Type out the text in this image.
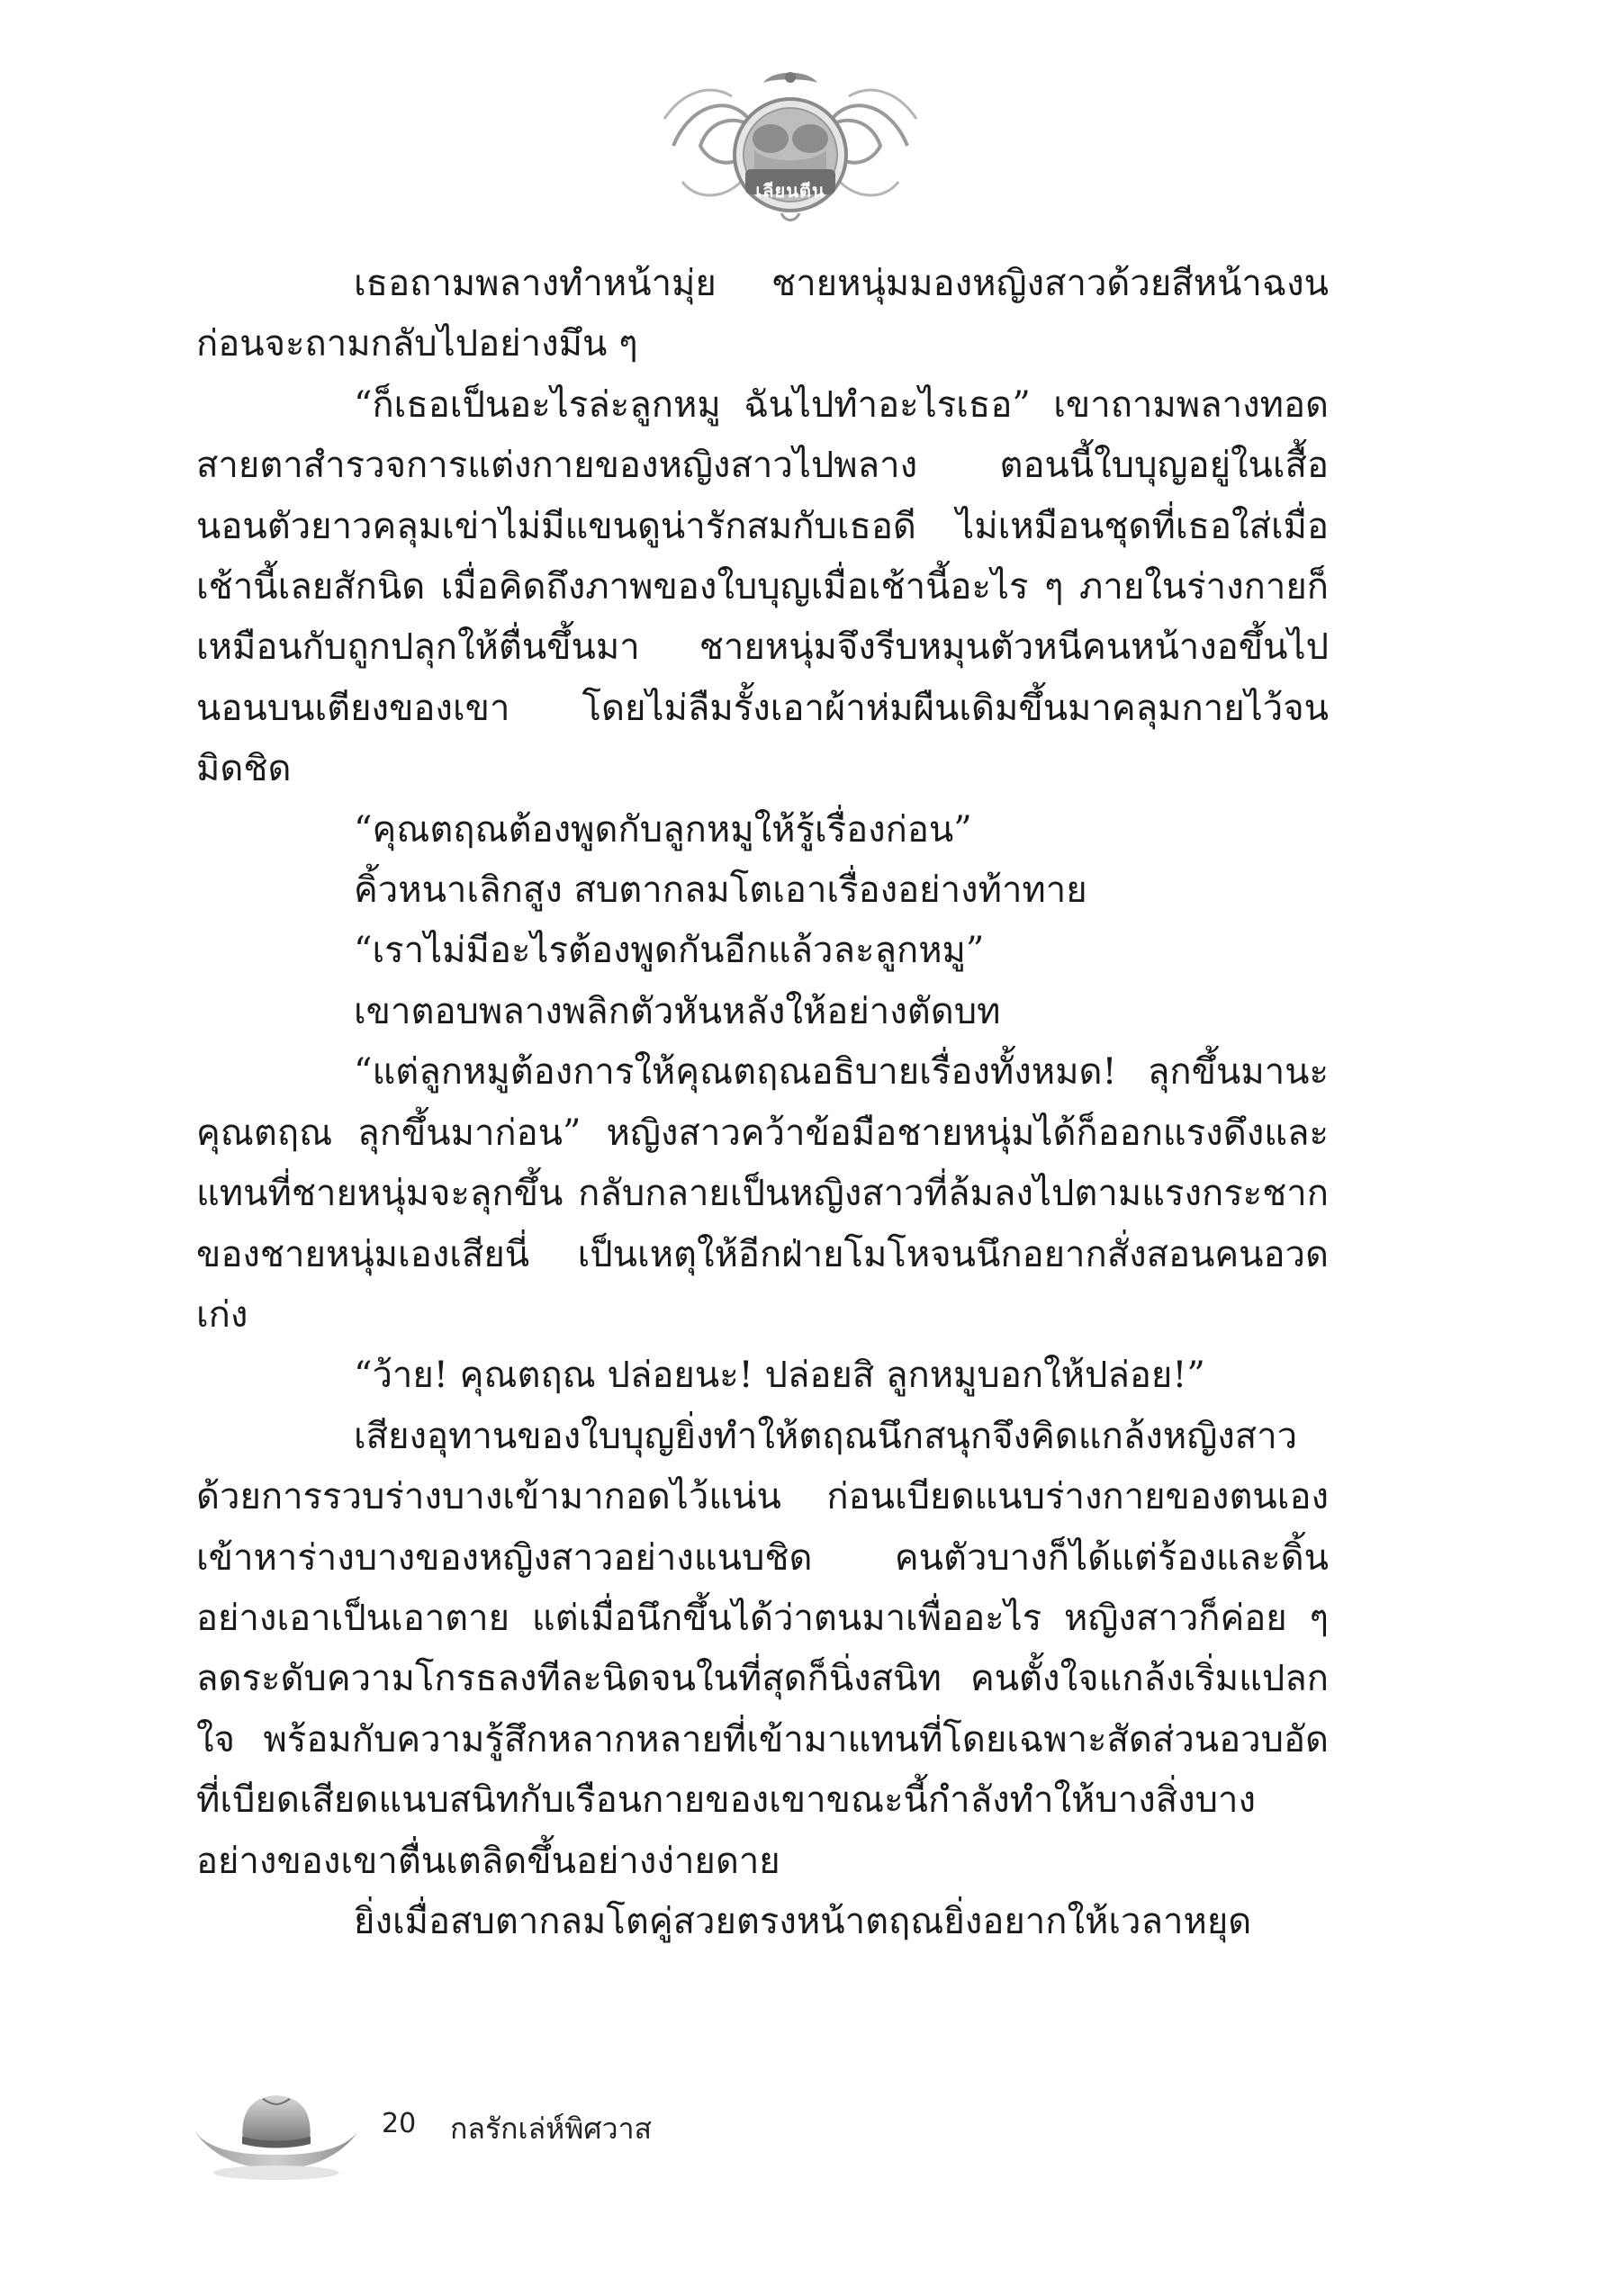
เลียนตีน

เธอถามพลางทำหน้ามุ่ย ชายหนุ่มมองหญิงสาวด้วยสีหน้าฉงน ก่อนจะถามกลับไปอย่างมึน ๆ

“ก็เธอเป็นอะไรล่ะลูกหมู ฉันไปทำอะไรเธอ” เขาถามพลางทอดสายตาสำรวจการแต่งกายของหญิงสาวไปพลาง ตอนนี้ใบบุญอยู่ในเสื้อนอนตัวยาวคลุมเข่าไม่มีแขนดูน่ารักสมกับเธอดี ไม่เหมือนชุดที่เธอใส่เมื่อเช้านี้เลยสักนิด เมื่อคิดถึงภาพของใบบุญเมื่อเช้านี้อะไร ๆ ภายในร่างกายก็เหมือนกับถูกปลุกให้ตื่นขึ้นมา ชายหนุ่มจึงรีบหมุนตัวหนีคนหน้างอขึ้นไปนอนบนเตียงของเขา โดยไม่ลืมรั้งเอาผ้าห่มผืนเดิมขึ้นมาคลุมกายไว้จนมิดชิด

“คุณตฤณต้องพูดกับลูกหมูให้รู้เรื่องก่อน”

คิ้วหนาเลิกสูง สบตากลมโตเอาเรื่องอย่างท้าทาย

“เราไม่มีอะไรต้องพูดกันอีกแล้วละลูกหมู”

เขาตอบพลางพลิกตัวหันหลังให้อย่างตัดบท

“แต่ลูกหมูต้องการให้คุณตฤณอธิบายเรื่องทั้งหมด! ลุกขึ้นมานะคุณตฤณ ลุกขึ้นมาก่อน” หญิงสาวคว้าข้อมือชายหนุ่มได้ก็ออกแรงดึงและแทนที่ชายหนุ่มจะลุกขึ้น กลับกลายเป็นหญิงสาวที่ล้มลงไปตามแรงกระชากของชายหนุ่มเองเสียนี่ เป็นเหตุให้อีกฝ่ายโมโหจนนึกอยากสั่งสอนคนอวดเก่ง

“ว้าย! คุณตฤณ ปล่อยนะ! ปล่อยสิ ลูกหมูบอกให้ปล่อย!”

เสียงอุทานของใบบุญยิ่งทำให้ตฤณนึกสนุกจึงคิดแกล้งหญิงสาวด้วยการรวบร่างบางเข้ามากอดไว้แน่น ก่อนเบียดแนบร่างกายของตนเองเข้าหาร่างบางของหญิงสาวอย่างแนบชิด คนตัวบางก็ได้แต่ร้องและดิ้นอย่างเอาเป็นเอาตาย แต่เมื่อนึกขึ้นได้ว่าตนมาเพื่ออะไร หญิงสาวก็ค่อย ๆ ลดระดับความโกรธลงทีละนิดจนในที่สุดก็นิ่งสนิท คนตั้งใจแกล้งเริ่มแปลกใจ พร้อมกับความรู้สึกหลากหลายที่เข้ามาแทนที่โดยเฉพาะสัดส่วนอวบอัดที่เบียดเสียดแนบสนิทกับเรือนกายของเขาขณะนี้กำลังทำให้บางสิ่งบางอย่างของเขาตื่นเตลิดขึ้นอย่างง่ายดาย

ยิ่งเมื่อสบตากลมโตคู่สวยตรงหน้าตฤณยิ่งอยากให้เวลาหยุด

20 กลรักเล่ห์พิศวาส
